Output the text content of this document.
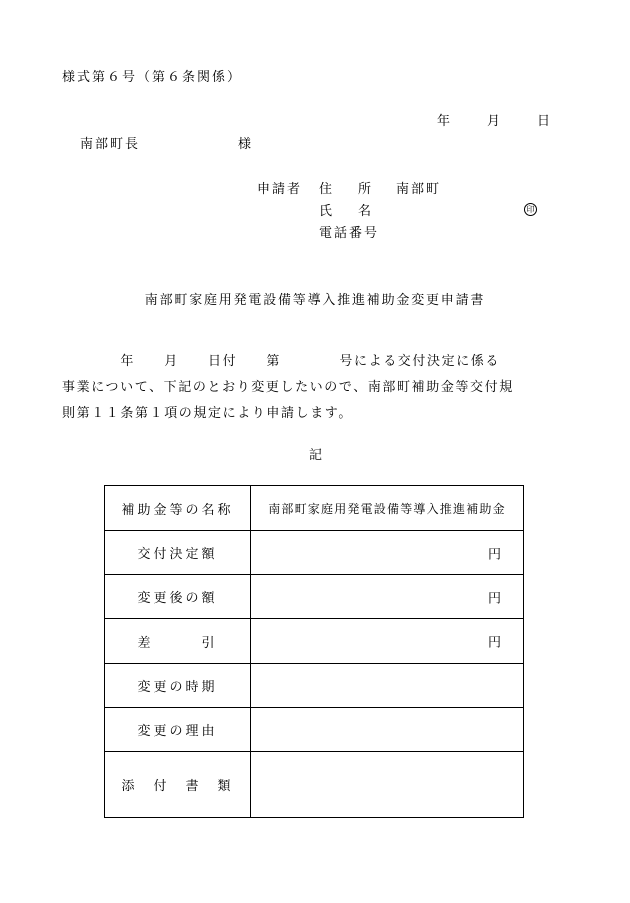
様式第６号（第６条関係）
年	月	日
南部町長	様
申請者 住　　所 南部町
氏　　名	印
電話番号
南部町家庭用発電設備等導入推進補助金変更申請書
　　　　年　　月　　日付　　第　　　　号による交付決定に係る
事業について、下記のとおり変更したいので、南部町補助金等交付規
則第１１条第１項の規定により申請します。
記
補助金等の名称	南部町家庭用発電設備等導入推進補助金

交付決定額	円

変更後の額	円

差　　　引	円

変更の時期	

変更の理由	

添　付　書　類	
